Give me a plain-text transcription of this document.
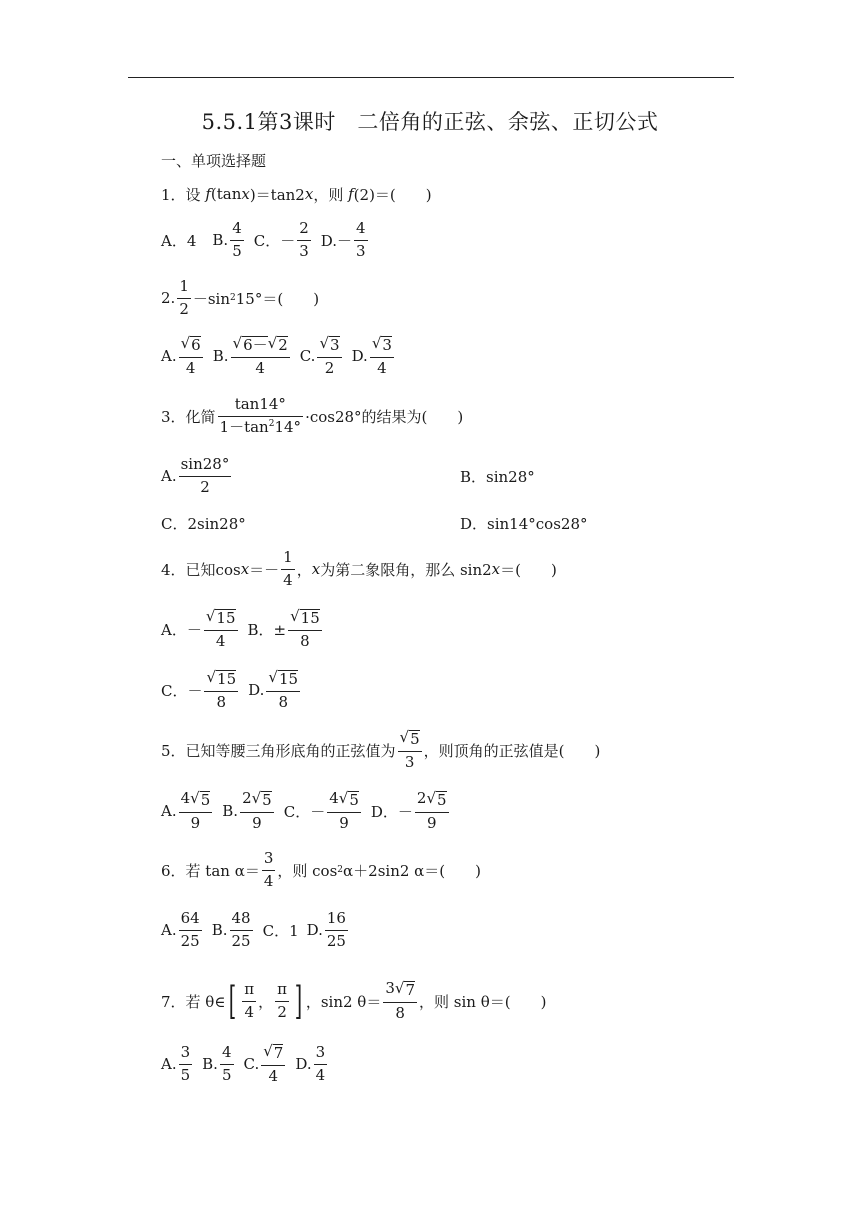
5.5.1第3课时　二倍角的正弦、余弦、正切公式
一、单项选择题
1．设 f (tan x )＝tan2 x ，则 f (2)＝(　　)
A．4 B. $\frac{4}{5}$ C．－ $\frac{2}{3} D.- \frac{4}{3}$
2. $\frac{1}{2} -\sin$ 2 15°＝(　　)
A. $\frac{√ 6}{4} B$. $\frac{√ 6- √ 2}{4} C$. $\frac{√ 3}{2} D$. $\frac{√ 3}{4}$
3．化简 $\frac{\tan 14^\circ}{1-\tan^214^\circ} \cdot\cos 28^\circ$的结果为(　　)
A. $\frac{\sin 28^\circ}{2}$	B．sin28°
C．2sin28°	D．sin14°cos28°
4．已知$\cos x =- \frac{1}{4}$ ， x 为第二象限角，那么 sin2 x ＝(　　)
A．－ $\frac{√ 15}{4}$ B．± $\frac{√ 15}{8}$
C．－ $\frac{√ 15}{8} D$. $\frac{√ 15}{8}$
5．已知等腰三角形底角的正弦值为 $\frac{√ 5}{3}$ ，则顶角的正弦值是(　　)
A. $\frac{4 √ 5}{9} B$. $\frac{2 √ 5}{9}$ C．－ $\frac{4 √ 5}{9}$ D．－ $\frac{2 √ 5}{9}$
6．若 $\tan \alpha= \frac{3}{4}$ ，则 cos 2 α＋2sin2 α＝(　　)
A. $\frac{64}{25} B$. $\frac{48}{25}$ C．1 D. $\frac{16}{25}$
7．若 θ∈ [ $\frac{\pi}{4}$ ， $\frac{\pi}{2}$ ] ，sin2 $\theta= \frac{3 √ 7}{8}$ ，则 sin θ＝(　　)
A. $\frac{3}{5} B$. $\frac{4}{5} C$. $\frac{√ 7}{4} D$. $\frac{3}{4}$
